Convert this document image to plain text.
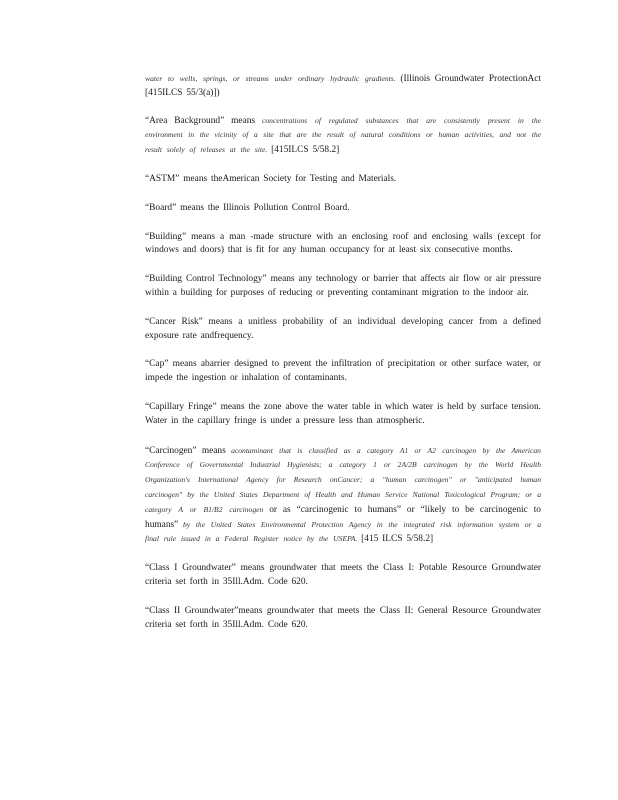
water to wells, springs, or streams under ordinary hydraulic gradients. (Illinois Groundwater ProtectionAct [415ILCS 55/3(a)])

“Area Background” means concentrations of regulated substances that are consistently present in the environment in the vicinity of a site that are the result of natural conditions or human activities, and not the result solely of releases at the site. [415ILCS 5/58.2]

“ASTM” means theAmerican Society for Testing and Materials.

“Board” means the Illinois Pollution Control Board.

“Building” means a man -made structure with an enclosing roof and enclosing walls (except for windows and doors) that is fit for any human occupancy for at least six consecutive months.

“Building Control Technology” means any technology or barrier that affects air flow or air pressure within a building for purposes of reducing or preventing contaminant migration to the indoor air.

“Cancer Risk” means a unitless probability of an individual developing cancer from a defined exposure rate andfrequency.

“Cap” means abarrier designed to prevent the infiltration of precipitation or other surface water, or impede the ingestion or inhalation of contaminants.

“Capillary Fringe” means the zone above the water table in which water is held by surface tension. Water in the capillary fringe is under a pressure less than atmospheric.

“Carcinogen” means acontaminant that is classified as a category A1 or A2 carcinogen by the American Conference of Governmental Industrial Hygienists; a category 1 or 2A/2B carcinogen by the World Health Organization's International Agency for Research onCancer; a "human carcinogen" or "anticipated human carcinogen" by the United States Department of Health and Human Service National Toxicological Program; or a category A or B1/B2 carcinogen or as “carcinogenic to humans” or “likely to be carcinogenic to humans” by the United States Environmental Protection Agency in the integrated risk information system or a final rule issued in a Federal Register notice by the USEPA. [415 ILCS 5/58.2]

“Class I Groundwater” means groundwater that meets the Class I: Potable Resource Groundwater criteria set forth in 35Ill.Adm. Code 620.

“Class II Groundwater”means groundwater that meets the Class II: General Resource Groundwater criteria set forth in 35Ill.Adm. Code 620.
